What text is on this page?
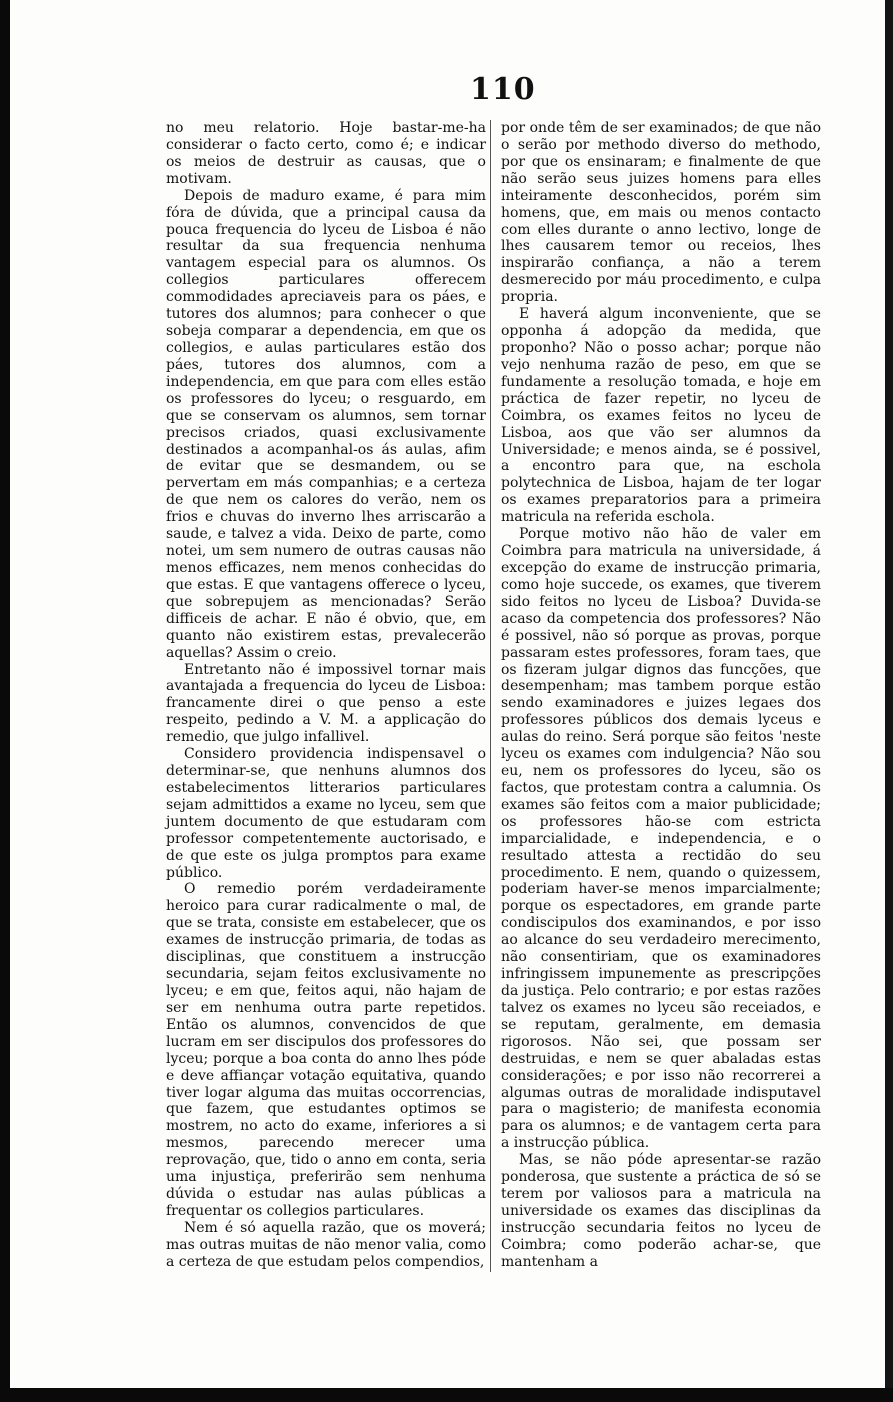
110

no meu relatorio. Hoje bastar-me-ha considerar o facto certo, como é; e indicar os meios de destruir as causas, que o motivam.

Depois de maduro exame, é para mim fóra de dúvida, que a principal causa da pouca frequencia do lyceu de Lisboa é não resultar da sua frequencia nenhuma vantagem especial para os alumnos. Os collegios particulares offerecem commodidades apreciaveis para os páes, e tutores dos alumnos; para conhecer o que sobeja comparar a dependencia, em que os collegios, e aulas particulares estão dos páes, tutores dos alumnos, com a independencia, em que para com elles estão os professores do lyceu; o resguardo, em que se conservam os alumnos, sem tornar precisos criados, quasi exclusivamente destinados a acompanhal-os ás aulas, afim de evitar que se desmandem, ou se pervertam em más companhias; e a certeza de que nem os calores do verão, nem os frios e chuvas do inverno lhes arriscarão a saude, e talvez a vida. Deixo de parte, como notei, um sem numero de outras causas não menos efficazes, nem menos conhecidas do que estas. E que vantagens offerece o lyceu, que sobrepujem as mencionadas? Serão difficeis de achar. E não é obvio, que, em quanto não existirem estas, prevalecerão aquellas? Assim o creio.

Entretanto não é impossivel tornar mais avantajada a frequencia do lyceu de Lisboa: francamente direi o que penso a este respeito, pedindo a V. M. a applicação do remedio, que julgo infallivel.

Considero providencia indispensavel o determinar-se, que nenhuns alumnos dos estabelecimentos litterarios particulares sejam admittidos a exame no lyceu, sem que juntem documento de que estudaram com professor competentemente auctorisado, e de que este os julga promptos para exame público.

O remedio porém verdadeiramente heroico para curar radicalmente o mal, de que se trata, consiste em estabelecer, que os exames de instrucção primaria, de todas as disciplinas, que constituem a instrucção secundaria, sejam feitos exclusivamente no lyceu; e em que, feitos aqui, não hajam de ser em nenhuma outra parte repetidos. Então os alumnos, convencidos de que lucram em ser discipulos dos professores do lyceu; porque a boa conta do anno lhes póde e deve affiançar votação equitativa, quando tiver logar alguma das muitas occorrencias, que fazem, que estudantes optimos se mostrem, no acto do exame, inferiores a si mesmos, parecendo merecer uma reprovação, que, tido o anno em conta, seria uma injustiça, preferirão sem nenhuma dúvida o estudar nas aulas públicas a frequentar os collegios particulares.

Nem é só aquella razão, que os moverá; mas outras muitas de não menor valia, como a certeza de que estudam pelos compendios,

por onde têm de ser examinados; de que não o serão por methodo diverso do methodo, por que os ensinaram; e finalmente de que não serão seus juizes homens para elles inteiramente desconhecidos, porém sim homens, que, em mais ou menos contacto com elles durante o anno lectivo, longe de lhes causarem temor ou receios, lhes inspirarão confiança, a não a terem desmerecido por máu procedimento, e culpa propria.

E haverá algum inconveniente, que se opponha á adopção da medida, que proponho? Não o posso achar; porque não vejo nenhuma razão de peso, em que se fundamente a resolução tomada, e hoje em práctica de fazer repetir, no lyceu de Coimbra, os exames feitos no lyceu de Lisboa, aos que vão ser alumnos da Universidade; e menos ainda, se é possivel, a encontro para que, na eschola polytechnica de Lisboa, hajam de ter logar os exames preparatorios para a primeira matricula na referida eschola.

Porque motivo não hão de valer em Coimbra para matricula na universidade, á excepção do exame de instrucção primaria, como hoje succede, os exames, que tiverem sido feitos no lyceu de Lisboa? Duvida-se acaso da competencia dos professores? Não é possivel, não só porque as provas, porque passaram estes professores, foram taes, que os fizeram julgar dignos das funcções, que desempenham; mas tambem porque estão sendo examinadores e juizes legaes dos professores públicos dos demais lyceus e aulas do reino. Será porque são feitos 'neste lyceu os exames com indulgencia? Não sou eu, nem os professores do lyceu, são os factos, que protestam contra a calumnia. Os exames são feitos com a maior publicidade; os professores hão-se com estricta imparcialidade, e independencia, e o resultado attesta a rectidão do seu procedimento. E nem, quando o quizessem, poderiam haver-se menos imparcialmente; porque os espectadores, em grande parte condiscipulos dos examinandos, e por isso ao alcance do seu verdadeiro merecimento, não consentiriam, que os examinadores infringissem impunemente as prescripções da justiça. Pelo contrario; e por estas razões talvez os exames no lyceu são receiados, e se reputam, geralmente, em demasia rigorosos. Não sei, que possam ser destruidas, e nem se quer abaladas estas considerações; e por isso não recorrerei a algumas outras de moralidade indisputavel para o magisterio; de manifesta economia para os alumnos; e de vantagem certa para a instrucção pública.

Mas, se não póde apresentar-se razão ponderosa, que sustente a práctica de só se terem por valiosos para a matricula na universidade os exames das disciplinas da instrucção secundaria feitos no lyceu de Coimbra; como poderão achar-se, que mantenham a
